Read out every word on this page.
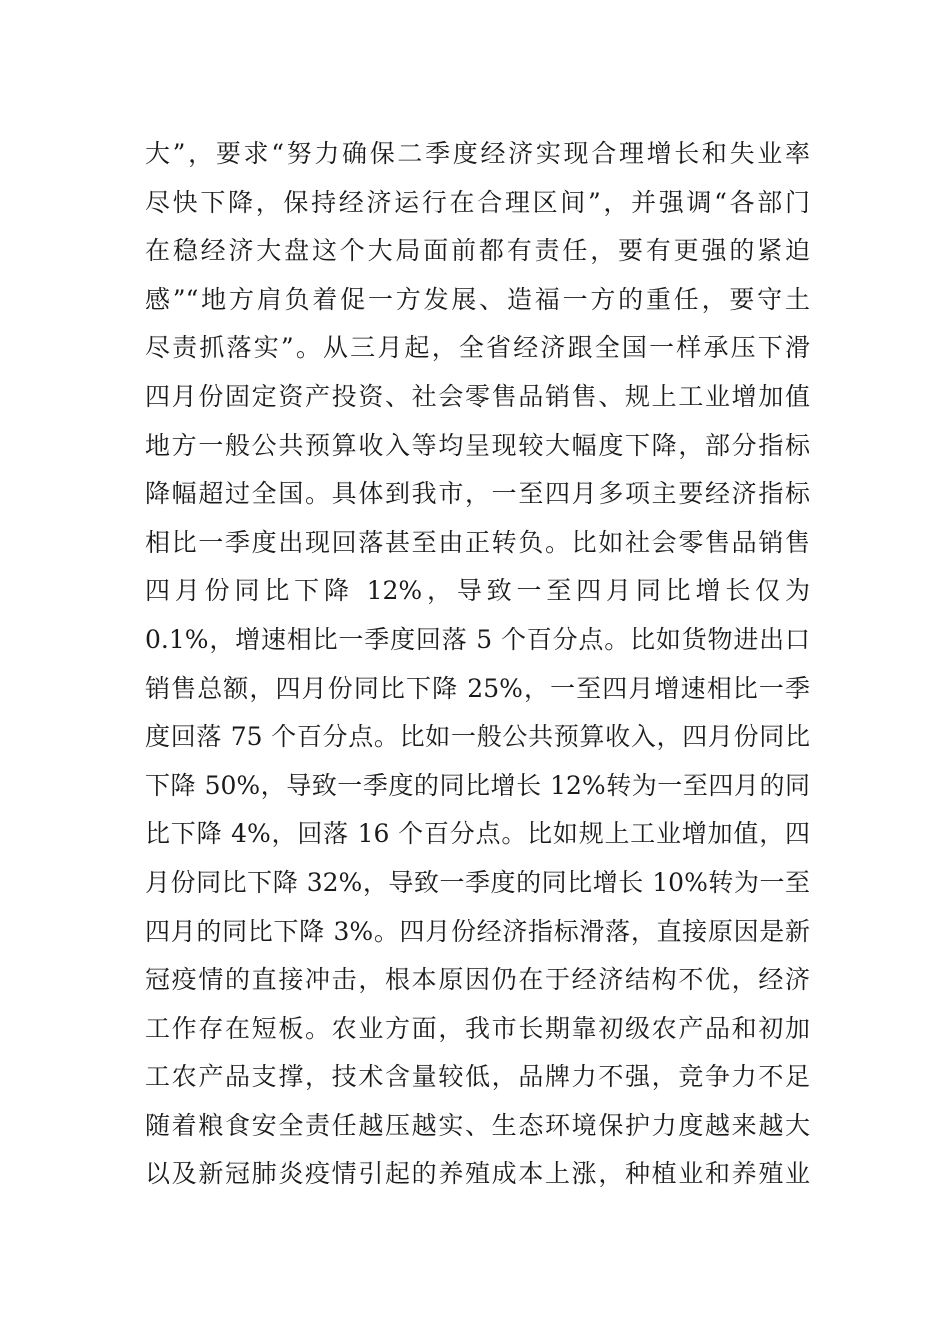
大”，要求“努力确保二季度经济实现合理增长和失业率
尽快下降，保持经济运行在合理区间”，并强调“各部门
在稳经济大盘这个大局面前都有责任，要有更强的紧迫
感”“地方肩负着促一方发展、造福一方的重任，要守土
尽责抓落实”。从三月起，全省经济跟全国一样承压下滑
四月份固定资产投资、社会零售品销售、规上工业增加值
地方一般公共预算收入等均呈现较大幅度下降，部分指标
降幅超过全国。具体到我市，一至四月多项主要经济指标
相比一季度出现回落甚至由正转负。比如社会零售品销售
四月份同比下降 12%，导致一至四月同比增长仅为
0.1%，增速相比一季度回落 5 个百分点。比如货物进出口
销售总额，四月份同比下降 25%，一至四月增速相比一季
度回落 75 个百分点。比如一般公共预算收入，四月份同比
下降 50%，导致一季度的同比增长 12%转为一至四月的同
比下降 4%，回落 16 个百分点。比如规上工业增加值，四
月份同比下降 32%，导致一季度的同比增长 10%转为一至
四月的同比下降 3%。四月份经济指标滑落，直接原因是新
冠疫情的直接冲击，根本原因仍在于经济结构不优，经济
工作存在短板。农业方面，我市长期靠初级农产品和初加
工农产品支撑，技术含量较低，品牌力不强，竞争力不足
随着粮食安全责任越压越实、生态环境保护力度越来越大
以及新冠肺炎疫情引起的养殖成本上涨，种植业和养殖业
